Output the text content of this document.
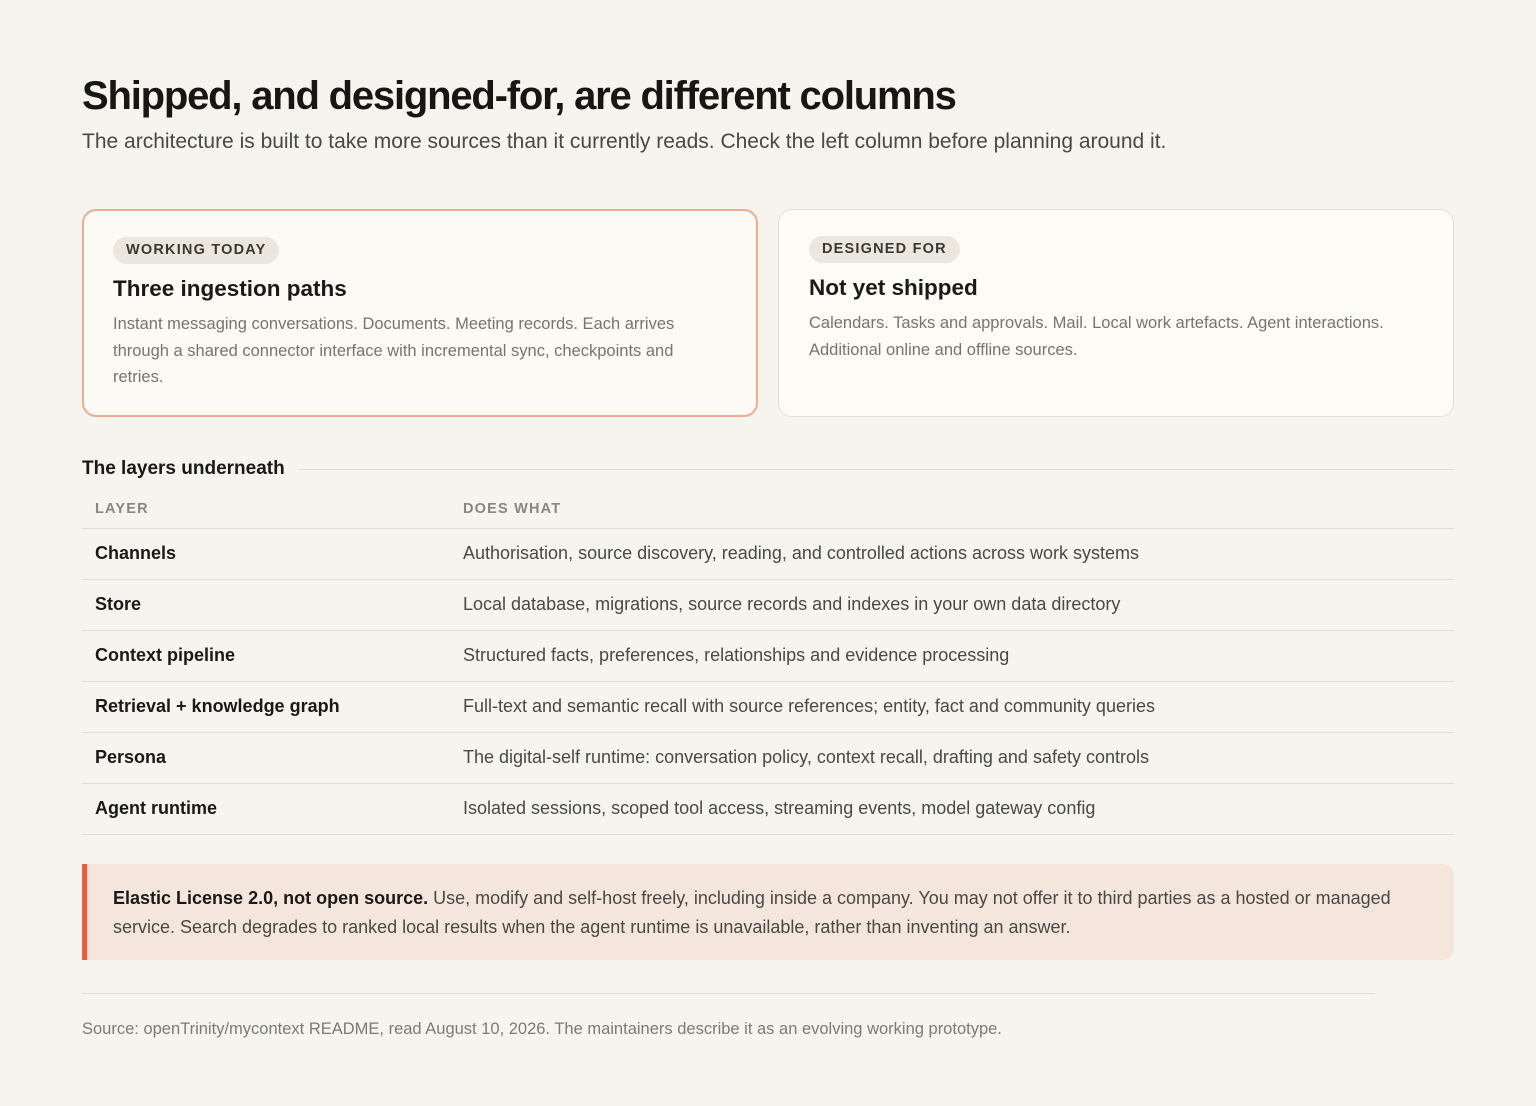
Shipped, and designed-for, are different columns

The architecture is built to take more sources than it currently reads. Check the left column before planning around it.

WORKING TODAY
Three ingestion paths
Instant messaging conversations. Documents. Meeting records. Each arrives through a shared connector interface with incremental sync, checkpoints and retries.
DESIGNED FOR
Not yet shipped
Calendars. Tasks and approvals. Mail. Local work artefacts. Agent interactions. Additional online and offline sources.
The layers underneath
LAYER	DOES WHAT
Channels	Authorisation, source discovery, reading, and controlled actions across work systems
Store	Local database, migrations, source records and indexes in your own data directory
Context pipeline	Structured facts, preferences, relationships and evidence processing
Retrieval + knowledge graph	Full-text and semantic recall with source references; entity, fact and community queries
Persona	The digital-self runtime: conversation policy, context recall, drafting and safety controls
Agent runtime	Isolated sessions, scoped tool access, streaming events, model gateway config
Elastic License 2.0, not open source. Use, modify and self-host freely, including inside a company. You may not offer it to third parties as a hosted or managed service. Search degrades to ranked local results when the agent runtime is unavailable, rather than inventing an answer.

Source: openTrinity/mycontext README, read August 10, 2026. The maintainers describe it as an evolving working prototype.
